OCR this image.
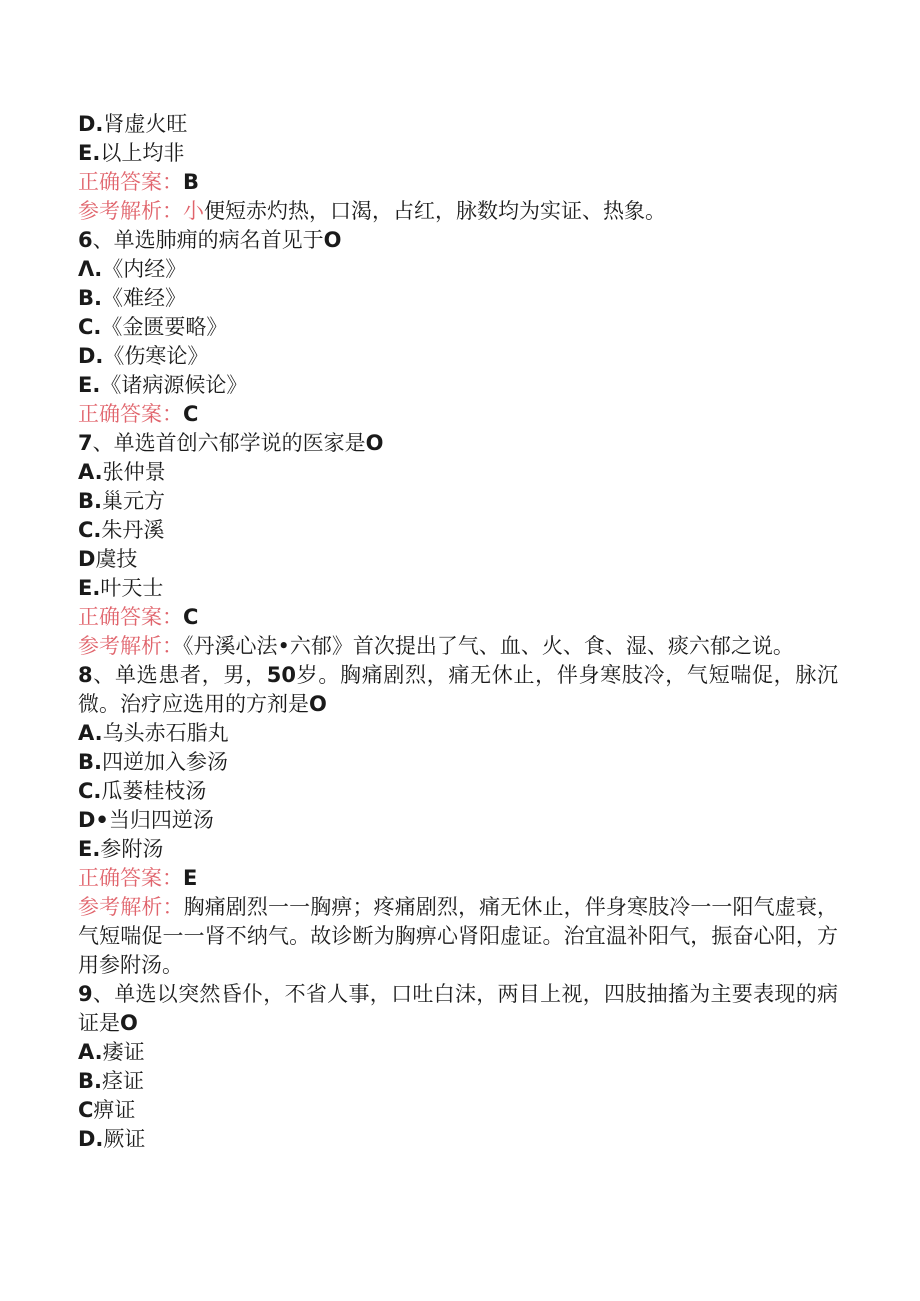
D.肾虚火旺
E.以上均非
正确答案：B
参考解析：小便短赤灼热，口渴，占红，脉数均为实证、热象。
6、单选肺痈的病名首见于O
Λ.《内经》
B.《难经》
C.《金匮要略》
D.《伤寒论》
E.《诸病源候论》
正确答案：C
7、单选首创六郁学说的医家是O
A.张仲景
B.巢元方
C.朱丹溪
D虞技
E.叶天士
正确答案：C
参考解析：《丹溪心法•六郁》首次提出了气、血、火、食、湿、痰六郁之说。
8、单选患者，男，50岁。胸痛剧烈，痛无休止，伴身寒肢冷，气短喘促，脉沉微。治疗应选用的方剂是O
A.乌头赤石脂丸
B.四逆加入参汤
C.瓜蒌桂枝汤
D•当归四逆汤
E.参附汤
正确答案：E
参考解析：胸痛剧烈一一胸痹；疼痛剧烈，痛无休止，伴身寒肢冷一一阳气虚衰，气短喘促一一肾不纳气。故诊断为胸痹心肾阳虚证。治宜温补阳气，振奋心阳，方用参附汤。
9、单选以突然昏仆，不省人事，口吐白沫，两目上视，四肢抽搐为主要表现的病证是O
A.痿证
B.痉证
C痹证
D.厥证
